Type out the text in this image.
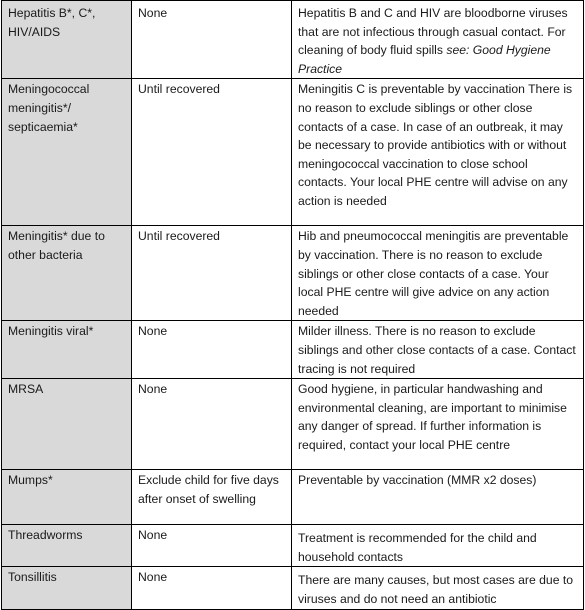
Hepatitis B*, C*, HIV/AIDS	None	Hepatitis B and C and HIV are bloodborne viruses that are not infectious through casual contact. For cleaning of body fluid spills see: Good Hygiene Practice
Meningococcal meningitis*/ septicaemia*	Until recovered	Meningitis C is preventable by vaccination There is no reason to exclude siblings or other close contacts of a case. In case of an outbreak, it may be necessary to provide antibiotics with or without meningococcal vaccination to close school contacts. Your local PHE centre will advise on any action is needed
Meningitis* due to other bacteria	Until recovered	Hib and pneumococcal meningitis are preventable by vaccination. There is no reason to exclude siblings or other close contacts of a case. Your local PHE centre will give advice on any action needed
Meningitis viral*	None	Milder illness. There is no reason to exclude siblings and other close contacts of a case. Contact tracing is not required
MRSA	None	Good hygiene, in particular handwashing and environmental cleaning, are important to minimise any danger of spread. If further information is required, contact your local PHE centre
Mumps*	Exclude child for five days after onset of swelling	Preventable by vaccination (MMR x2 doses)
Threadworms	None	Treatment is recommended for the child and household contacts
Tonsillitis	None	There are many causes, but most cases are due to viruses and do not need an antibiotic
